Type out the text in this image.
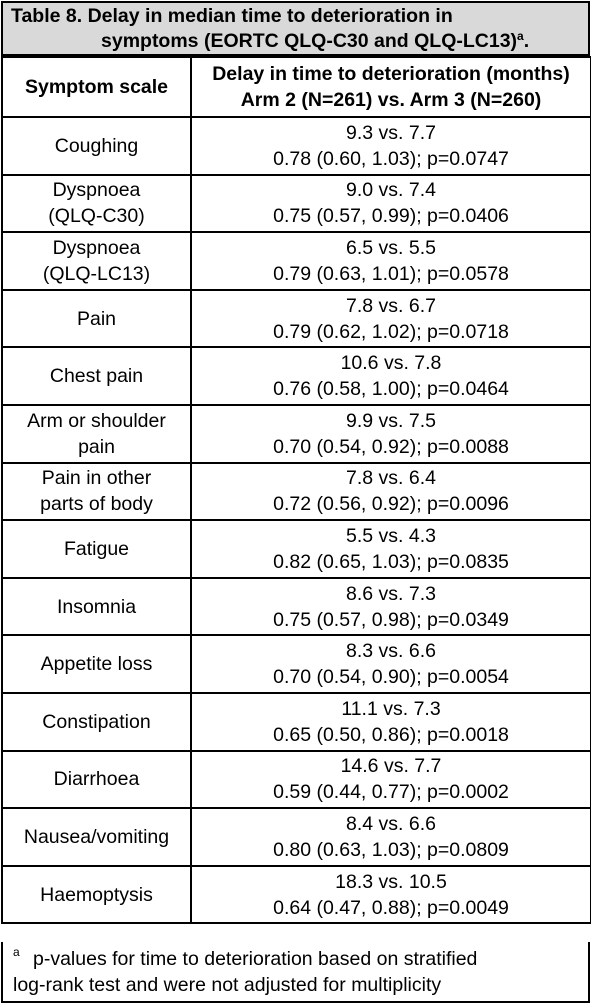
Table 8. Delay in median time to deterioration in
symptoms (EORTC QLQ-C30 and QLQ-LC13)$^a$.
Symptom scale	Delay in time to deterioration (months)
Arm 2 (N=261) vs. Arm 3 (N=260)

Coughing	9.3 vs. 7.7
0.78 (0.60, 1.03); p=0.0747

Dyspnoea
(QLQ-C30)	9.0 vs. 7.4
0.75 (0.57, 0.99); p=0.0406

Dyspnoea
(QLQ-LC13)	6.5 vs. 5.5
0.79 (0.63, 1.01); p=0.0578

Pain	7.8 vs. 6.7
0.79 (0.62, 1.02); p=0.0718

Chest pain	10.6 vs. 7.8
0.76 (0.58, 1.00); p=0.0464

Arm or shoulder
pain	9.9 vs. 7.5
0.70 (0.54, 0.92); p=0.0088

Pain in other
parts of body	7.8 vs. 6.4
0.72 (0.56, 0.92); p=0.0096

Fatigue	5.5 vs. 4.3
0.82 (0.65, 1.03); p=0.0835

Insomnia	8.6 vs. 7.3
0.75 (0.57, 0.98); p=0.0349

Appetite loss	8.3 vs. 6.6
0.70 (0.54, 0.90); p=0.0054

Constipation	11.1 vs. 7.3
0.65 (0.50, 0.86); p=0.0018

Diarrhoea	14.6 vs. 7.7
0.59 (0.44, 0.77); p=0.0002

Nausea/vomiting	8.4 vs. 6.6
0.80 (0.63, 1.03); p=0.0809

Haemoptysis	18.3 vs. 10.5
0.64 (0.47, 0.88); p=0.0049
a p-values for time to deterioration based on stratified
log-rank test and were not adjusted for multiplicity
